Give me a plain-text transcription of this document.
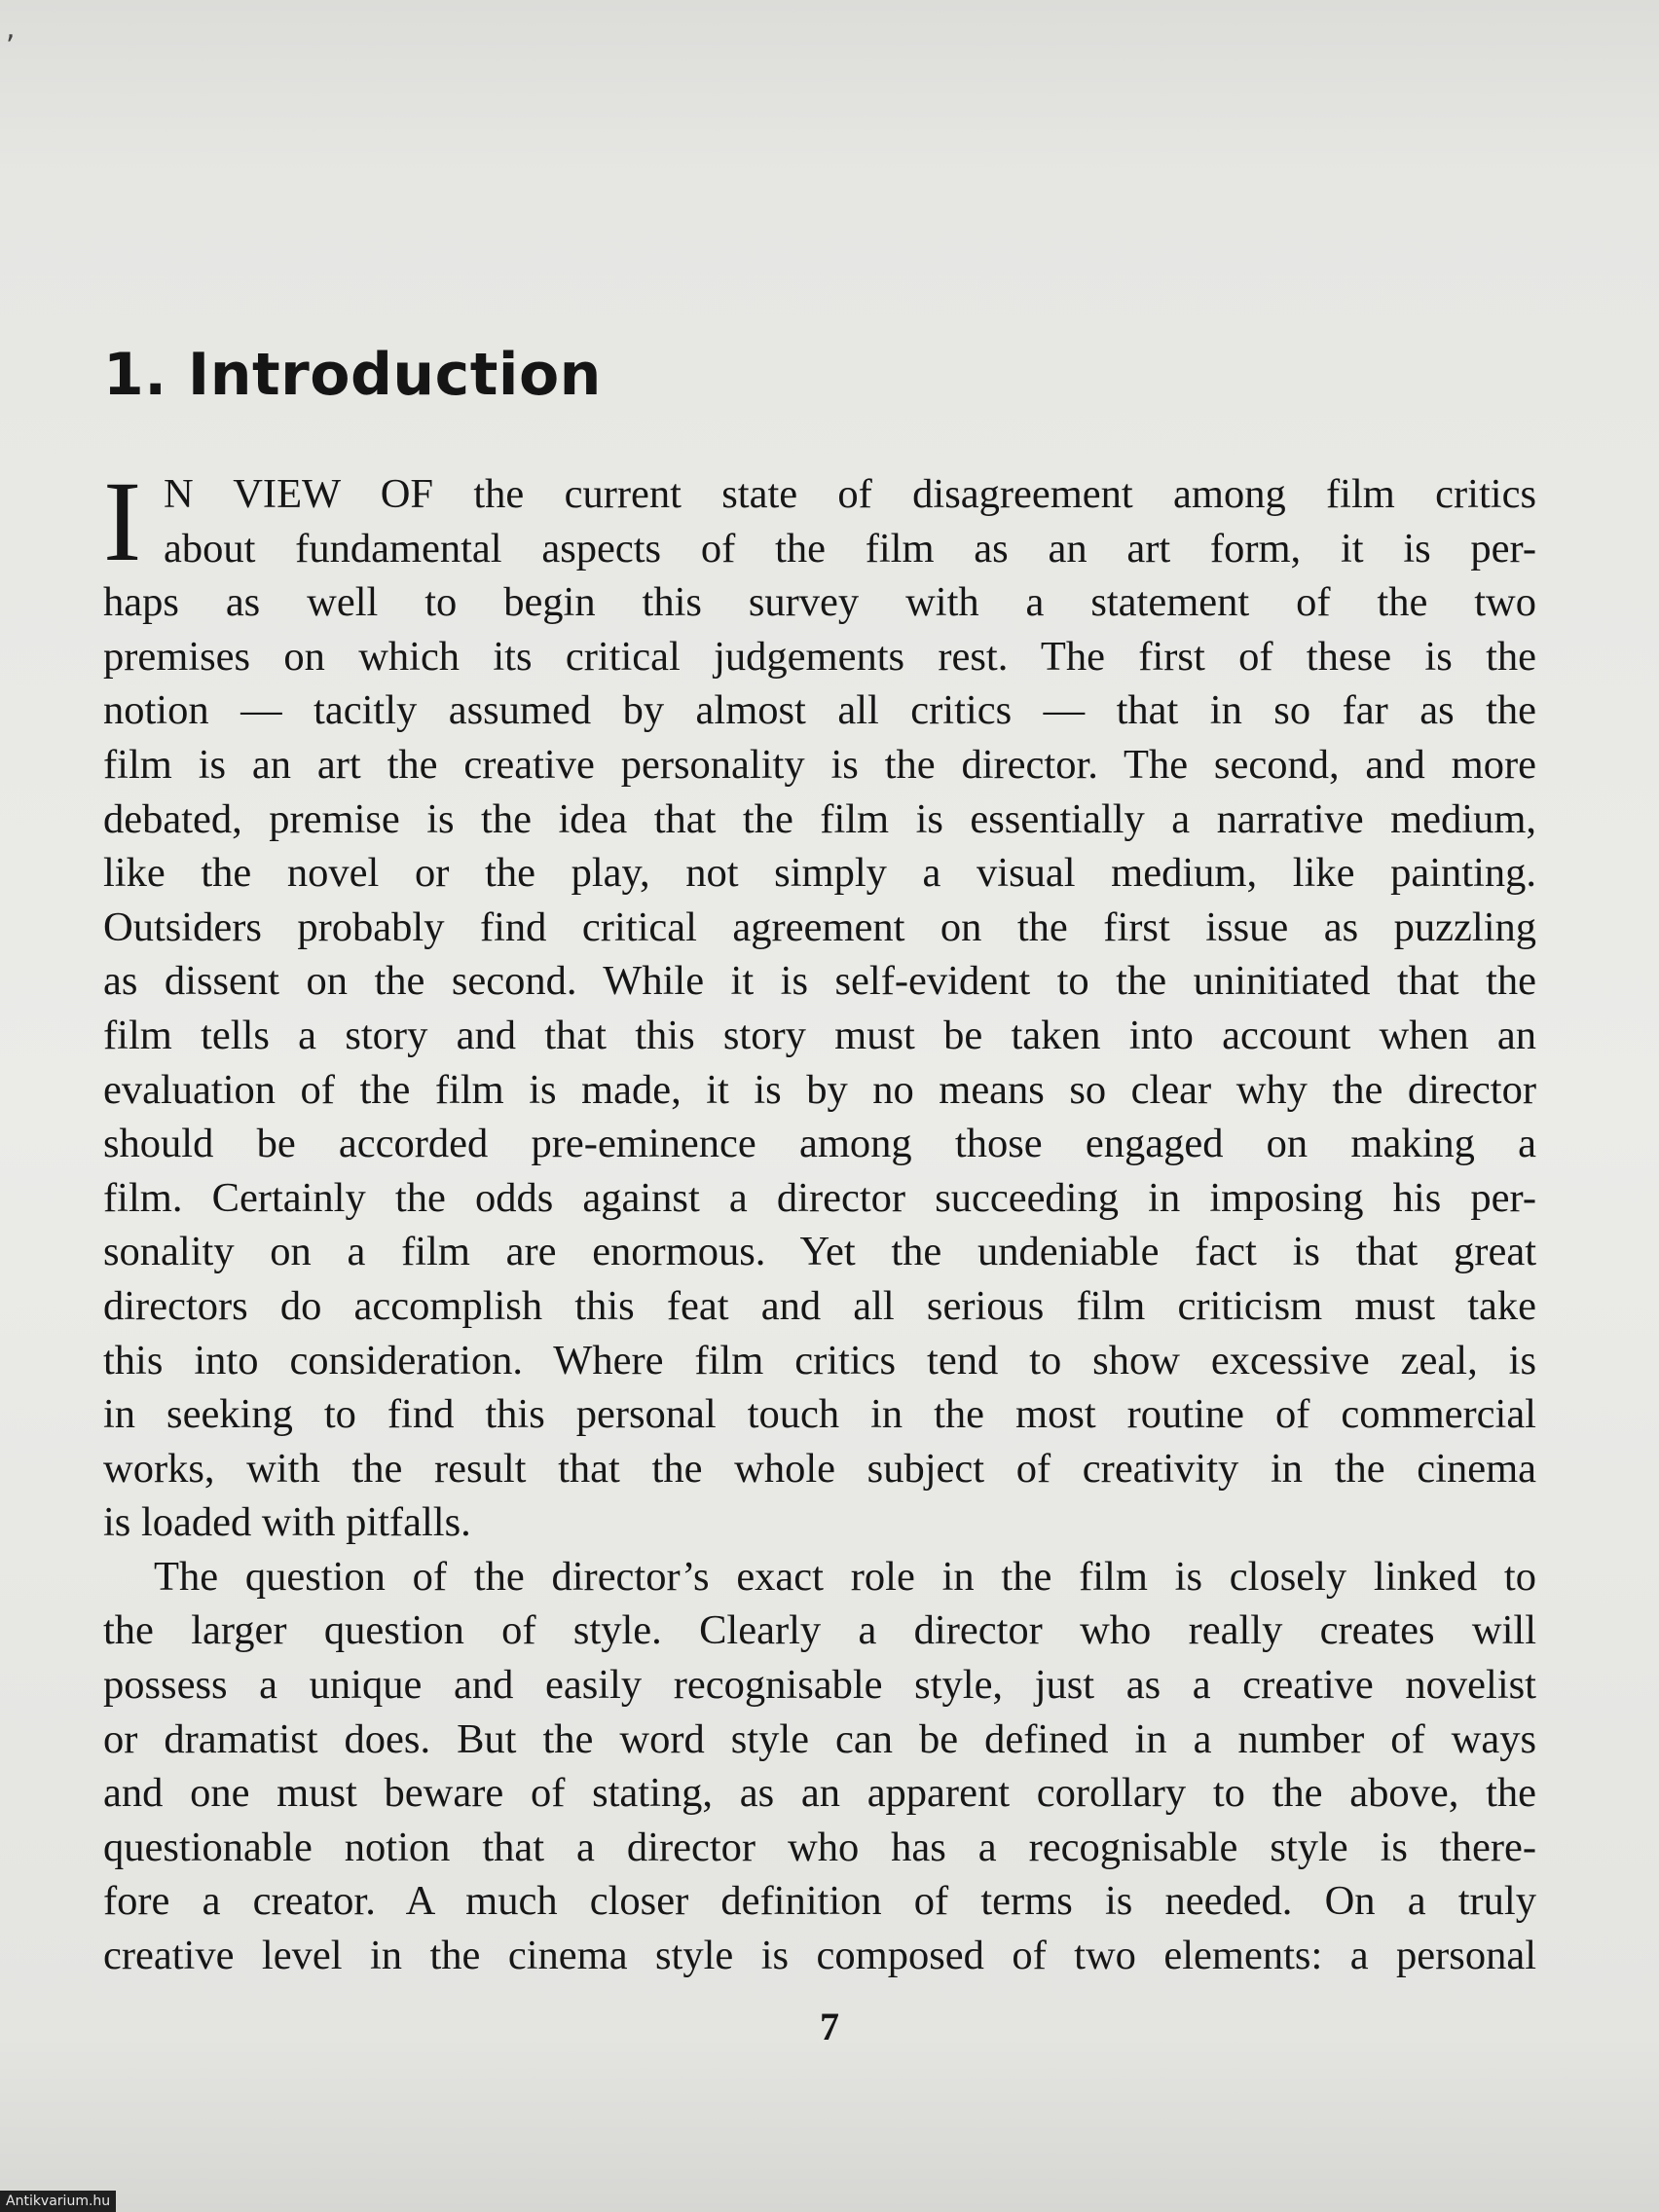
,
1. Introduction

I N VIEW OF the current state of disagreement among film critics
about fundamental aspects of the film as an art form, it is per-
haps as well to begin this survey with a statement of the two
premises on which its critical judgements rest. The first of these is the
notion — tacitly assumed by almost all critics — that in so far as the
film is an art the creative personality is the director. The second, and more
debated, premise is the idea that the film is essentially a narrative medium,
like the novel or the play, not simply a visual medium, like painting.
Outsiders probably find critical agreement on the first issue as puzzling
as dissent on the second. While it is self-evident to the uninitiated that the
film tells a story and that this story must be taken into account when an
evaluation of the film is made, it is by no means so clear why the director
should be accorded pre-eminence among those engaged on making a
film. Certainly the odds against a director succeeding in imposing his per-
sonality on a film are enormous. Yet the undeniable fact is that great
directors do accomplish this feat and all serious film criticism must take
this into consideration. Where film critics tend to show excessive zeal, is
in seeking to find this personal touch in the most routine of commercial
works, with the result that the whole subject of creativity in the cinema
is loaded with pitfalls.

The question of the director’s exact role in the film is closely linked to
the larger question of style. Clearly a director who really creates will
possess a unique and easily recognisable style, just as a creative novelist
or dramatist does. But the word style can be defined in a number of ways
and one must beware of stating, as an apparent corollary to the above, the
questionable notion that a director who has a recognisable style is there-
fore a creator. A much closer definition of terms is needed. On a truly
creative level in the cinema style is composed of two elements: a personal

7
Antikvarium.hu
